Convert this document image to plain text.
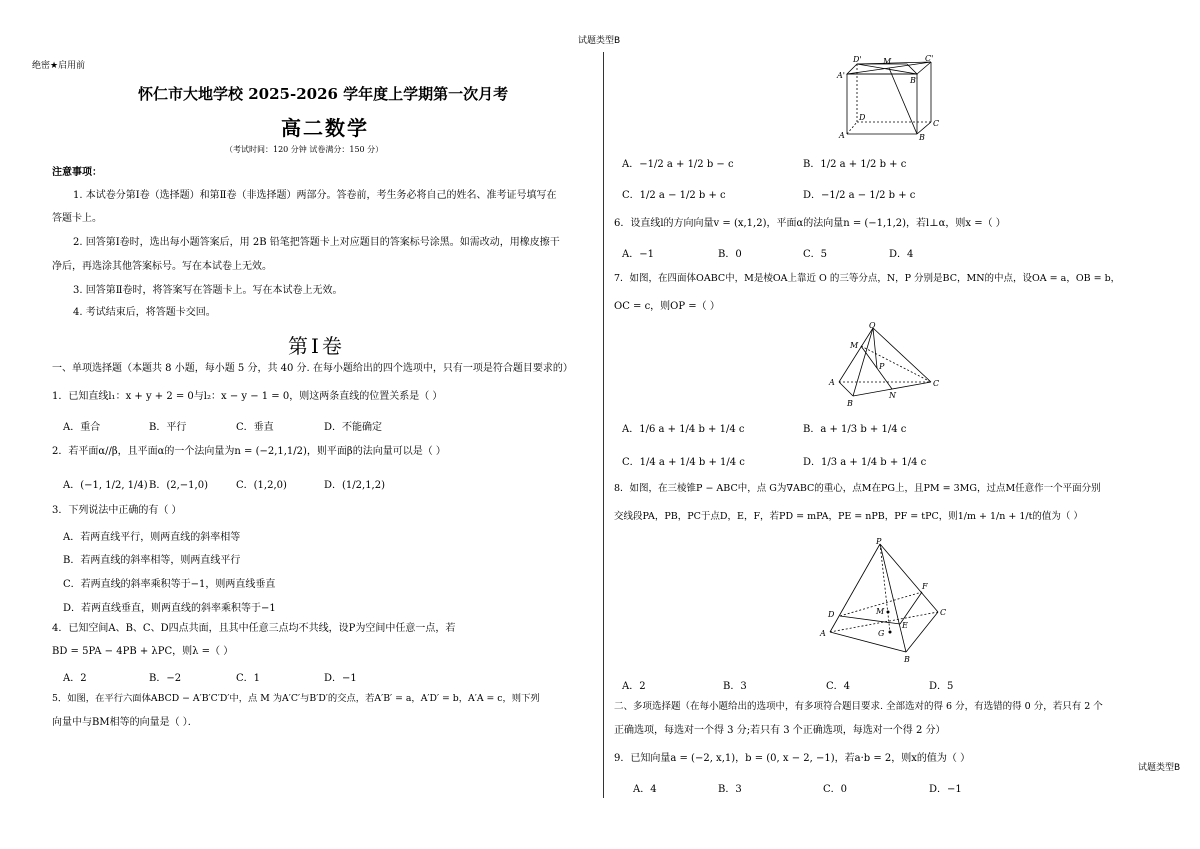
试题类型B
绝密★启用前
怀仁市大地学校 2025-2026 学年度上学期第一次月考
高二数学
（考试时间：120 分钟 试卷满分：150 分）
注意事项：
1. 本试卷分第Ⅰ卷（选择题）和第Ⅱ卷（非选择题）两部分。答卷前，考生务必将自己的姓名、准考证号填写在
答题卡上。
2. 回答第Ⅰ卷时，选出每小题答案后，用 2B 铅笔把答题卡上对应题目的答案标号涂黑。如需改动，用橡皮擦干
净后，再选涂其他答案标号。写在本试卷上无效。
3. 回答第Ⅱ卷时，将答案写在答题卡上。写在本试卷上无效。
4. 考试结束后，将答题卡交回。
第Ⅰ卷
一、单项选择题（本题共 8 小题，每小题 5 分，共 40 分. 在每小题给出的四个选项中，只有一项是符合题目要求的）
1．已知直线l₁：x + y + 2 = 0与l₂：x − y − 1 = 0，则这两条直线的位置关系是（ ）
A．重合	B．平行	C．垂直	D．不能确定
2．若平面α//β，且平面α的一个法向量为n = (−2,1,1/2)，则平面β的法向量可以是（ ）
A．(−1, 1/2, 1/4) B．(2,−1,0)	C．(1,2,0)	D．(1/2,1,2)
3．下列说法中正确的有（ ）
A．若两直线平行，则两直线的斜率相等
B．若两直线的斜率相等，则两直线平行
C．若两直线的斜率乘积等于−1，则两直线垂直
D．若两直线垂直，则两直线的斜率乘积等于−1
4．已知空间A、B、C、D四点共面，且其中任意三点均不共线，设P为空间中任意一点，若
BD = 5PA − 4PB + λPC，则λ =（ ）
A．2	B．−2	C．1	D．−1
5．如图，在平行六面体ABCD − A′B′C′D′中，点 M 为A′C′与B′D′的交点，若A′B′ = a，A′D′ = b，A′A = c，则下列
向量中与BM相等的向量是（ ）．
D'	M	C'
A'
B'
D
C
A	B
A．−1/2 a + 1/2 b − c	B．1/2 a + 1/2 b + c
C．1/2 a − 1/2 b + c	D．−1/2 a − 1/2 b + c
6．设直线l的方向向量v = (x,1,2)，平面α的法向量n = (−1,1,2)，若l⊥α，则x =（ ）
A．−1	B．0	C．5	D．4
7．如图，在四面体OABC中，M是棱OA上靠近 O 的三等分点，N，P 分别是BC，MN的中点，设OA = a，OB = b，
OC = c，则OP =（ ）
O
M
P
A	C
N
B
A．1/6 a + 1/4 b + 1/4 c	B．a + 1/3 b + 1/4 c
C．1/4 a + 1/4 b + 1/4 c	D．1/3 a + 1/4 b + 1/4 c
8．如图，在三棱锥P − ABC中，点 G为∇ABC的重心，点M在PG上，且PM = 3MG，过点M任意作一个平面分别
交线段PA，PB，PC于点D，E，F，若PD = mPA，PE = nPB，PF = tPC，则1/m + 1/n + 1/t的值为（ ）
P
F
D	M	C
A	G
E
B
A．2	B．3	C．4	D．5
二、多项选择题（在每小题给出的选项中，有多项符合题目要求. 全部选对的得 6 分，有选错的得 0 分，若只有 2 个
正确选项，每选对一个得 3 分;若只有 3 个正确选项，每选对一个得 2 分）
9．已知向量a = (−2, x,1)，b = (0, x − 2, −1)，若a·b = 2，则x的值为（ ）
试题类型B
A．4	B．3	C．0	D．−1
